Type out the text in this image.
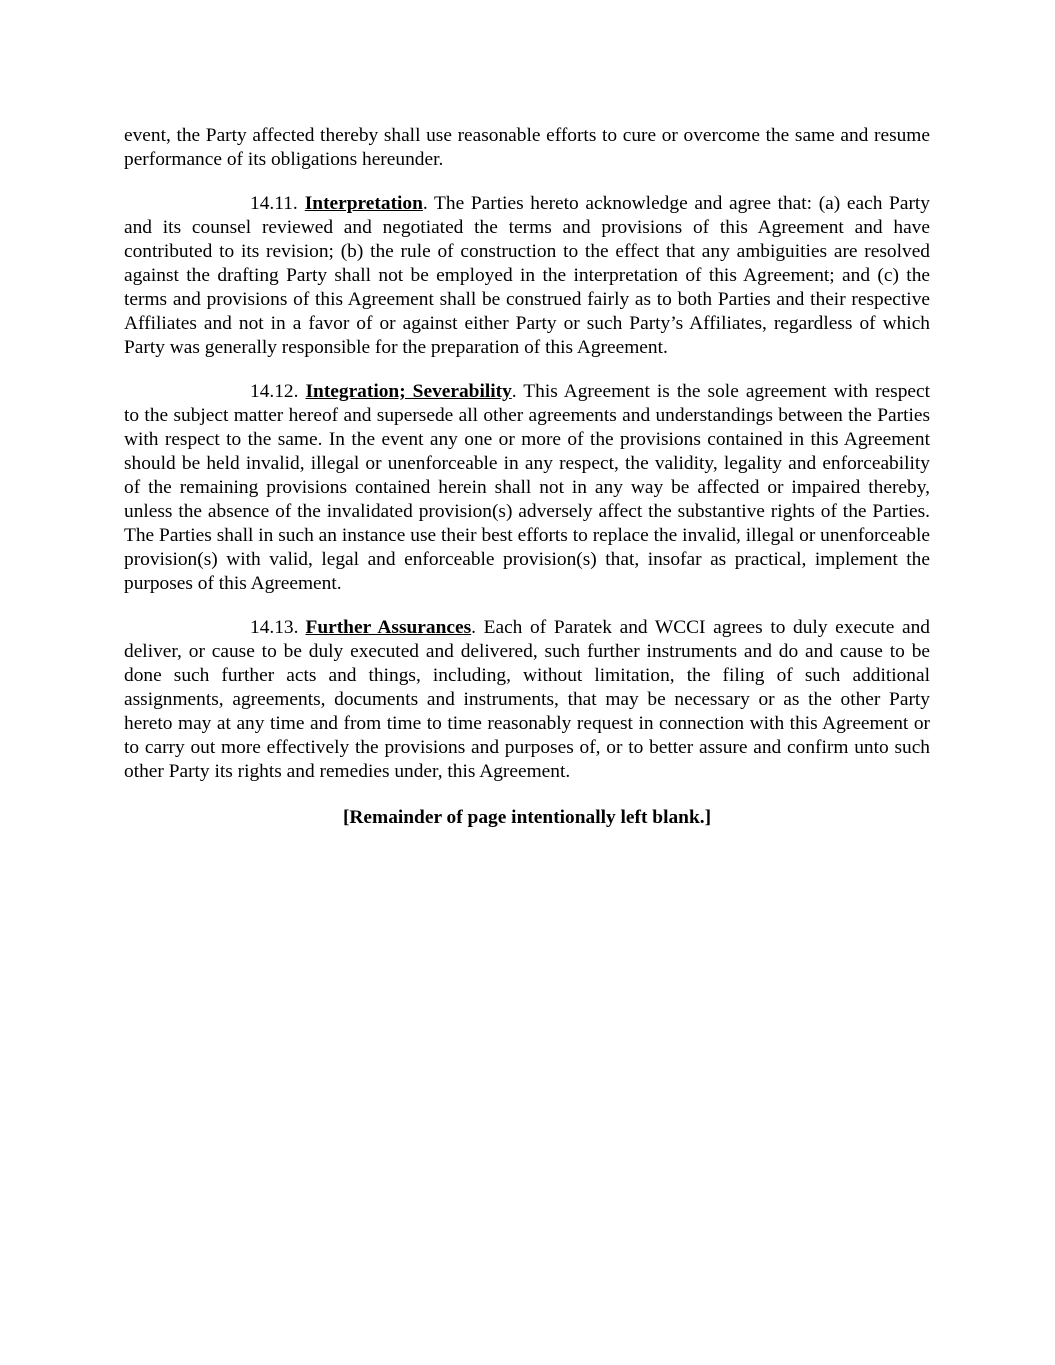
event, the Party affected thereby shall use reasonable efforts to cure or overcome the same and resume performance of its obligations hereunder.

14.11. Interpretation. The Parties hereto acknowledge and agree that: (a) each Party and its counsel reviewed and negotiated the terms and provisions of this Agreement and have contributed to its revision; (b) the rule of construction to the effect that any ambiguities are resolved against the drafting Party shall not be employed in the interpretation of this Agreement; and (c) the terms and provisions of this Agreement shall be construed fairly as to both Parties and their respective Affiliates and not in a favor of or against either Party or such Party’s Affiliates, regardless of which Party was generally responsible for the preparation of this Agreement.

14.12. Integration; Severability. This Agreement is the sole agreement with respect to the subject matter hereof and supersede all other agreements and understandings between the Parties with respect to the same. In the event any one or more of the provisions contained in this Agreement should be held invalid, illegal or unenforceable in any respect, the validity, legality and enforceability of the remaining provisions contained herein shall not in any way be affected or impaired thereby, unless the absence of the invalidated provision(s) adversely affect the substantive rights of the Parties. The Parties shall in such an instance use their best efforts to replace the invalid, illegal or unenforceable provision(s) with valid, legal and enforceable provision(s) that, insofar as practical, implement the purposes of this Agreement.

14.13. Further Assurances. Each of Paratek and WCCI agrees to duly execute and deliver, or cause to be duly executed and delivered, such further instruments and do and cause to be done such further acts and things, including, without limitation, the filing of such additional assignments, agreements, documents and instruments, that may be necessary or as the other Party hereto may at any time and from time to time reasonably request in connection with this Agreement or to carry out more effectively the provisions and purposes of, or to better assure and confirm unto such other Party its rights and remedies under, this Agreement.

[Remainder of page intentionally left blank.]
